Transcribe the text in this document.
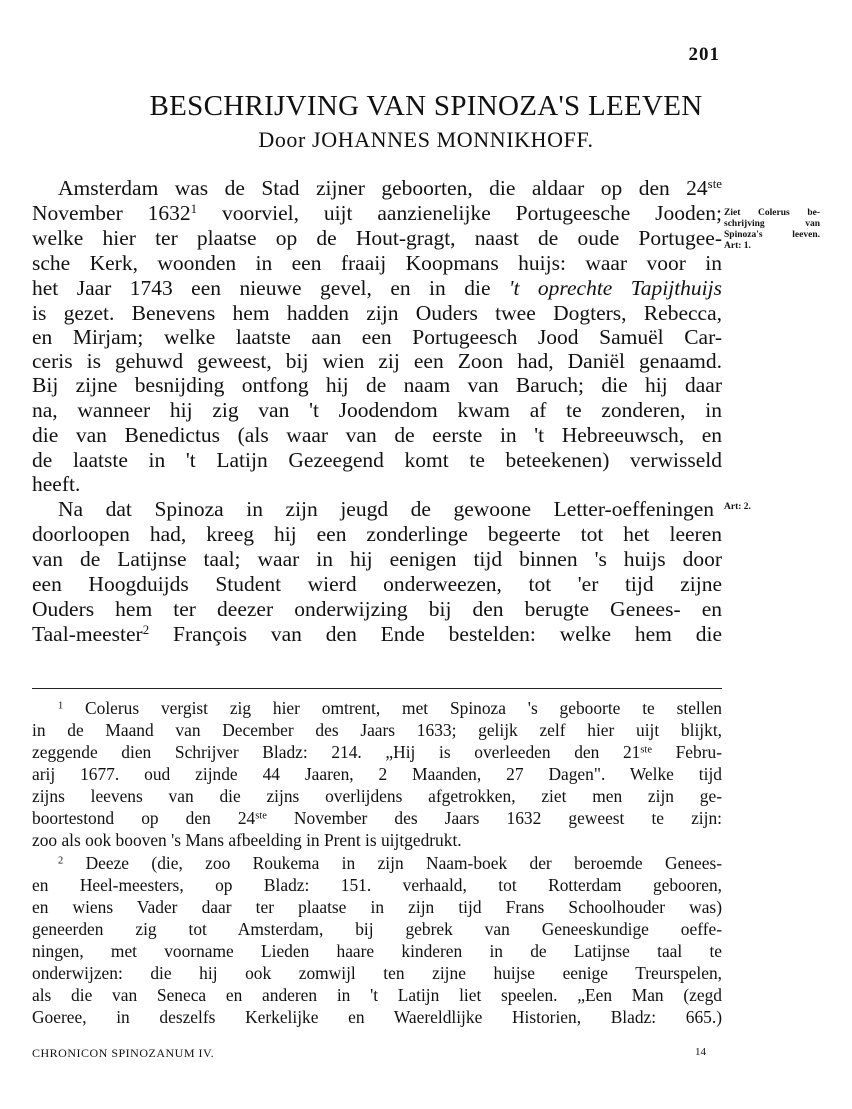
201
BESCHRIJVING VAN SPINOZA'S LEEVEN
Door JOHANNES MONNIKHOFF.
Amsterdam was de Stad zijner geboorten, die aldaar op den 24ste
November 1632$^1$ voorviel, uijt aanzienelijke Portugeesche Jooden;
welke hier ter plaatse op de Hout-gragt, naast de oude Portugee-
sche Kerk, woonden in een fraaij Koopmans huijs: waar voor in
het Jaar 1743 een nieuwe gevel, en in die 't oprechte Tapijthuijs
is gezet. Benevens hem hadden zijn Ouders twee Dogters, Rebecca,
en Mirjam; welke laatste aan een Portugeesch Jood Samuël Car-
ceris is gehuwd geweest, bij wien zij een Zoon had, Daniël genaamd.
Bij zijne besnijding ontfong hij de naam van Baruch; die hij daar
na, wanneer hij zig van 't Joodendom kwam af te zonderen, in
die van Benedictus (als waar van de eerste in 't Hebreeuwsch, en
de laatste in 't Latijn Gezeegend komt te beteekenen) verwisseld
heeft.
Na dat Spinoza in zijn jeugd de gewoone Letter-oeffeningen
doorloopen had, kreeg hij een zonderlinge begeerte tot het leeren
van de Latijnse taal; waar in hij eenigen tijd binnen 's huijs door
een Hoogduijds Student wierd onderweezen, tot 'er tijd zijne
Ouders hem ter deezer onderwijzing bij den berugte Genees- en
Taal-meester$^2$ François van den Ende bestelden: welke hem die
Ziet Colerus be-
schrijving van
Spinoza's leeven.
Art: 1.
Art: 2.
$^1$ Colerus vergist zig hier omtrent, met Spinoza 's geboorte te stellen
in de Maand van December des Jaars 1633; gelijk zelf hier uijt blijkt,
zeggende dien Schrijver Bladz: 214. „Hij is overleeden den 21ste Febru-
arij 1677. oud zijnde 44 Jaaren, 2 Maanden, 27 Dagen". Welke tijd
zijns leevens van die zijns overlijdens afgetrokken, ziet men zijn ge-
boortestond op den 24ste November des Jaars 1632 geweest te zijn:
zoo als ook booven 's Mans afbeelding in Prent is uijtgedrukt.
$^2$ Deeze (die, zoo Roukema in zijn Naam-boek der beroemde Genees-
en Heel-meesters, op Bladz: 151. verhaald, tot Rotterdam gebooren,
en wiens Vader daar ter plaatse in zijn tijd Frans Schoolhouder was)
geneerden zig tot Amsterdam, bij gebrek van Geneeskundige oeffe-
ningen, met voorname Lieden haare kinderen in de Latijnse taal te
onderwijzen: die hij ook zomwijl ten zijne huijse eenige Treurspelen,
als die van Seneca en anderen in 't Latijn liet speelen. „Een Man (zegd
Goeree, in deszelfs Kerkelijke en Waereldlijke Historien, Bladz: 665.)
CHRONICON SPINOZANUM IV.	14
